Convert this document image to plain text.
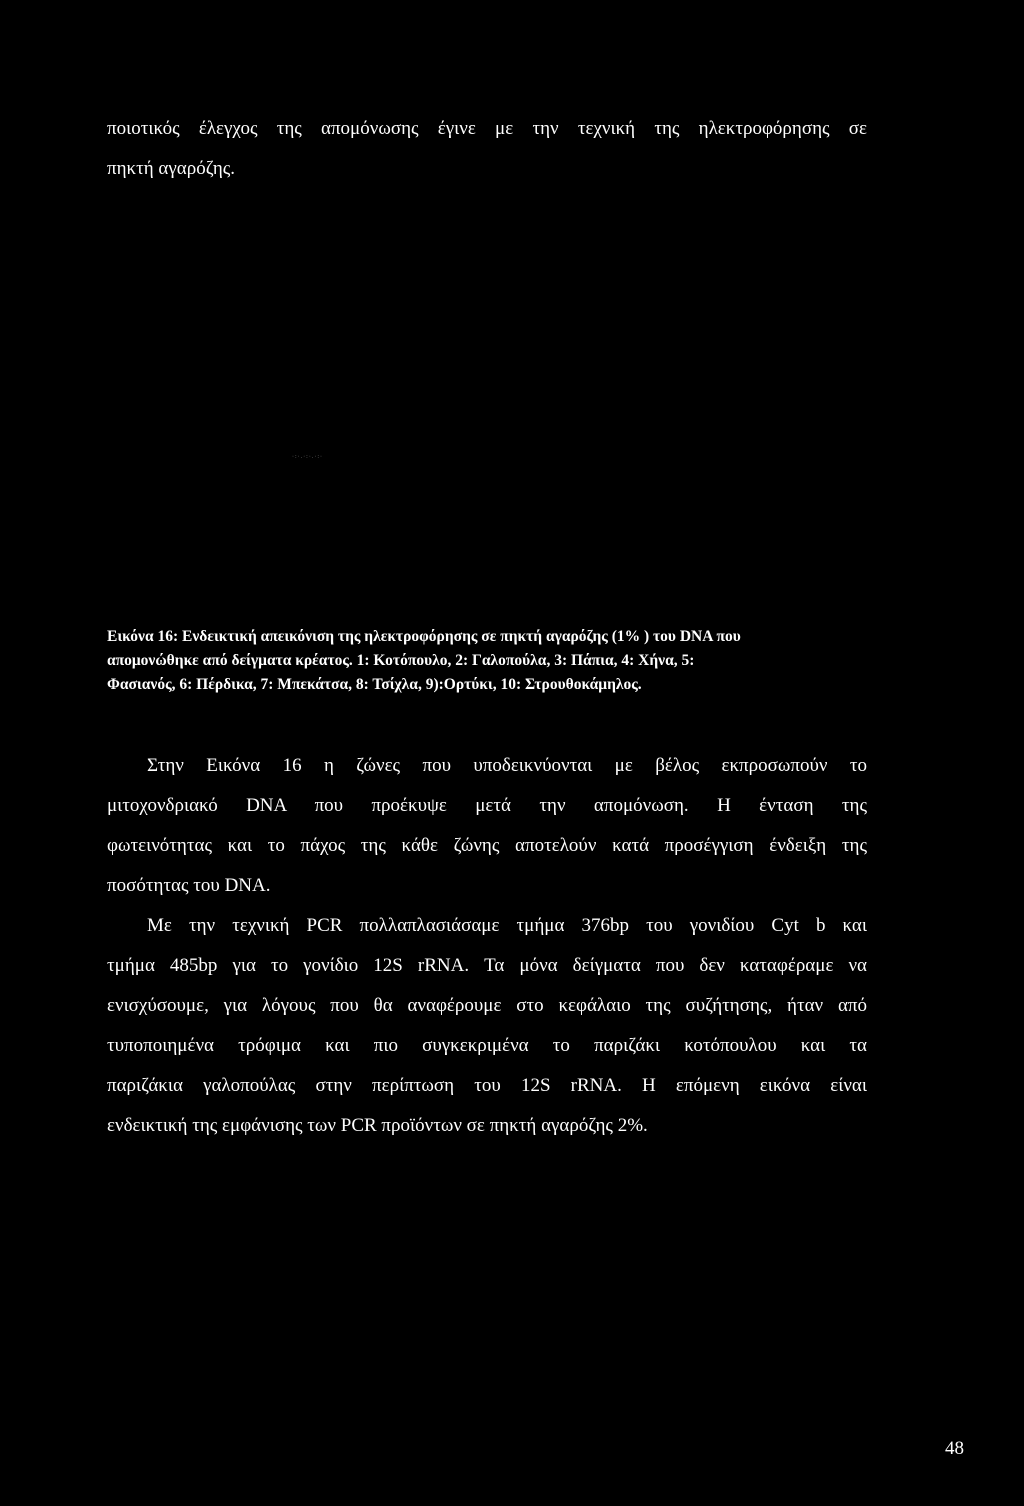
ποιοτικός έλεγχος της απομόνωσης έγινε με την τεχνική της ηλεκτροφόρησης σε
πηκτή αγαρόζης.
·:·.·:·.·:·
Εικόνα 16: Ενδεικτική απεικόνιση της ηλεκτροφόρησης σε πηκτή αγαρόζης (1% ) του DNA που
απομονώθηκε από δείγματα κρέατος. 1: Κοτόπουλο, 2: Γαλοπούλα, 3: Πάπια, 4: Χήνα, 5:
Φασιανός, 6: Πέρδικα, 7: Μπεκάτσα, 8: Τσίχλα, 9):Ορτύκι, 10: Στρουθοκάμηλος.
Στην Εικόνα 16 η ζώνες που υποδεικνύονται με βέλος εκπροσωπούν το
μιτοχονδριακό DNA που προέκυψε μετά την απομόνωση. Η ένταση της
φωτεινότητας και το πάχος της κάθε ζώνης αποτελούν κατά προσέγγιση ένδειξη της
ποσότητας του DNA.
Με την τεχνική PCR πολλαπλασιάσαμε τμήμα 376bp του γονιδίου Cyt b και
τμήμα 485bp για το γονίδιο 12S rRNA. Τα μόνα δείγματα που δεν καταφέραμε να
ενισχύσουμε, για λόγους που θα αναφέρουμε στο κεφάλαιο της συζήτησης, ήταν από
τυποποιημένα τρόφιμα και πιο συγκεκριμένα το παριζάκι κοτόπουλου και τα
παριζάκια γαλοπούλας στην περίπτωση του 12S rRNA. Η επόμενη εικόνα είναι
ενδεικτική της εμφάνισης των PCR προϊόντων σε πηκτή αγαρόζης 2%.
48
